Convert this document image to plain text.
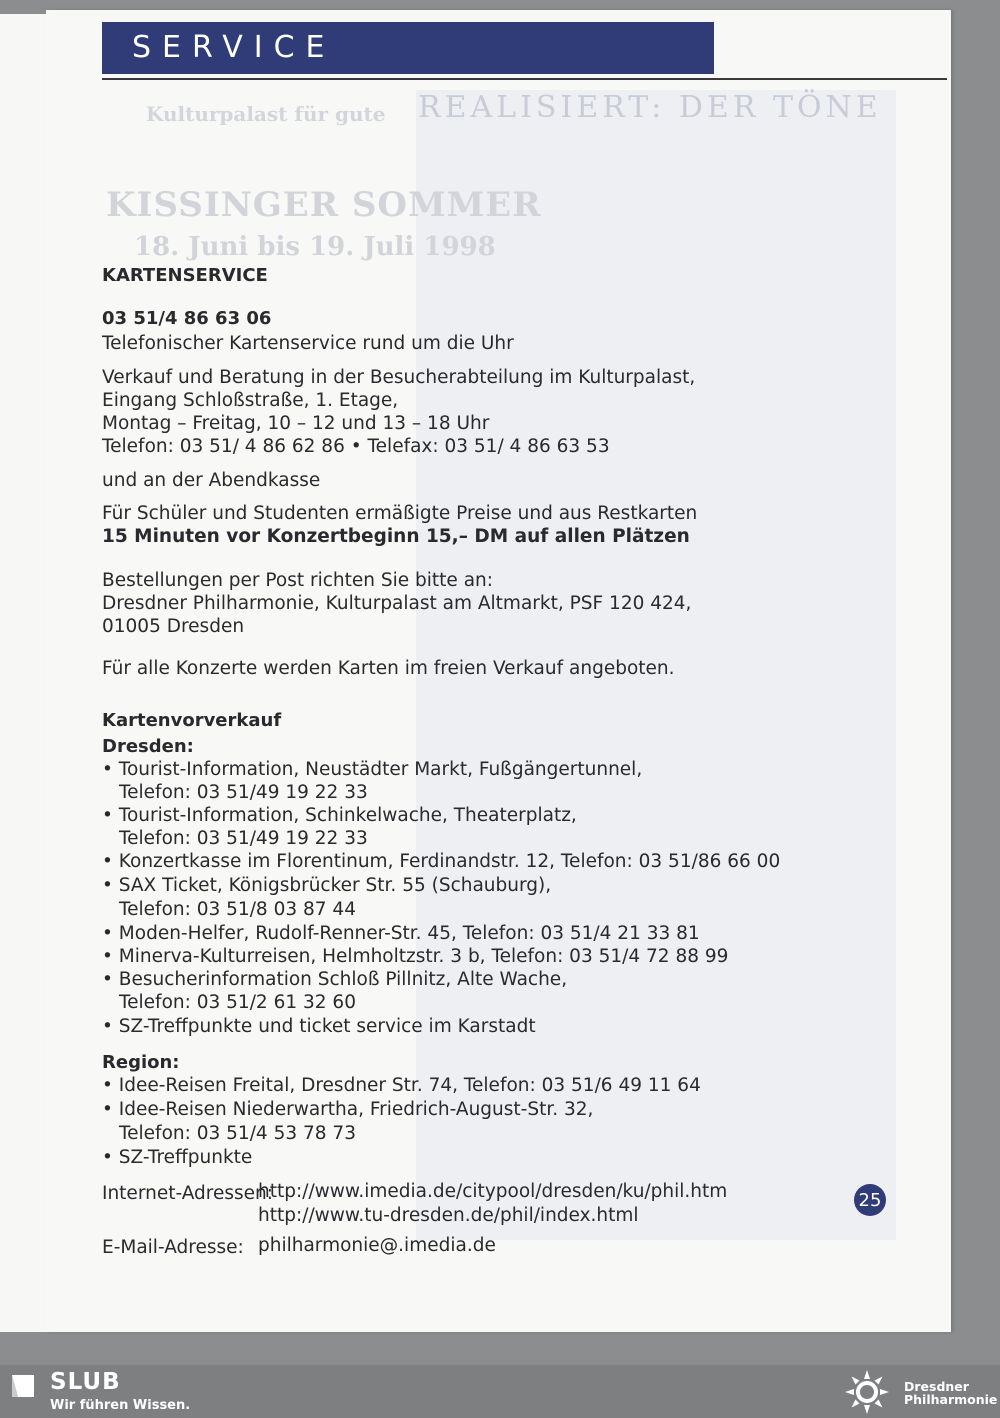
Kulturpalast für gute REALISIERT: DER TÖNE
KISSINGER SOMMER
18. Juni bis 19. Juli 1998
SERVICE
KARTENSERVICE
03 51/4 86 63 06
Telefonischer Kartenservice rund um die Uhr
Verkauf und Beratung in der Besucherabteilung im Kulturpalast,
Eingang Schloßstraße, 1. Etage,
Montag – Freitag, 10 – 12 und 13 – 18 Uhr
Telefon: 03 51/ 4 86 62 86 • Telefax: 03 51/ 4 86 63 53
und an der Abendkasse
Für Schüler und Studenten ermäßigte Preise und aus Restkarten
15 Minuten vor Konzertbeginn 15,– DM auf allen Plätzen
Bestellungen per Post richten Sie bitte an:
Dresdner Philharmonie, Kulturpalast am Altmarkt, PSF 120 424,
01005 Dresden
Für alle Konzerte werden Karten im freien Verkauf angeboten.
Kartenvorverkauf
Dresden:
• Tourist-Information, Neustädter Markt, Fußgängertunnel,
Telefon: 03 51/49 19 22 33
• Tourist-Information, Schinkelwache, Theaterplatz,
Telefon: 03 51/49 19 22 33
• Konzertkasse im Florentinum, Ferdinandstr. 12, Telefon: 03 51/86 66 00
• SAX Ticket, Königsbrücker Str. 55 (Schauburg),
Telefon: 03 51/8 03 87 44
• Moden-Helfer, Rudolf-Renner-Str. 45, Telefon: 03 51/4 21 33 81
• Minerva-Kulturreisen, Helmholtzstr. 3 b, Telefon: 03 51/4 72 88 99
• Besucherinformation Schloß Pillnitz, Alte Wache,
Telefon: 03 51/2 61 32 60
• SZ-Treffpunkte und ticket service im Karstadt
Region:
• Idee-Reisen Freital, Dresdner Str. 74, Telefon: 03 51/6 49 11 64
• Idee-Reisen Niederwartha, Friedrich-August-Str. 32,
Telefon: 03 51/4 53 78 73
• SZ-Treffpunkte
Internet-Adressen:
http://www.imedia.de/citypool/dresden/ku/phil.htm
http://www.tu-dresden.de/phil/index.html
E-Mail-Adresse: philharmonie@.imedia.de
25
SLUB
Wir führen Wissen.
Dresdner
Philharmonie
